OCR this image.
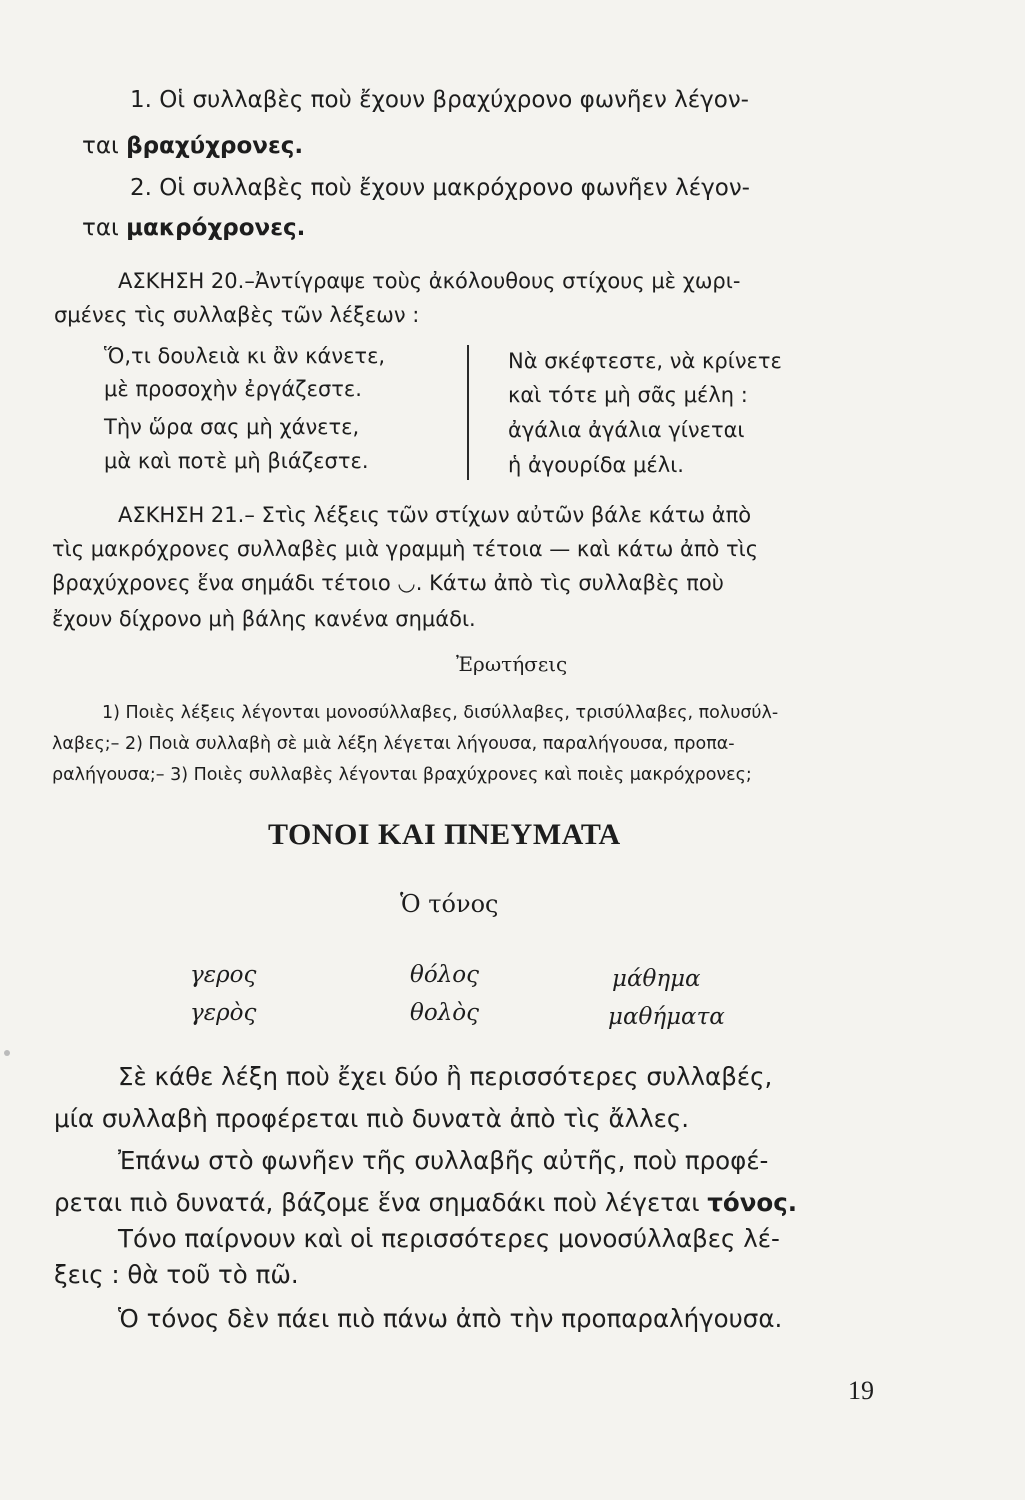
1. Οἱ συλλαβὲς ποὺ ἔχουν βραχύχρονο φωνῆεν λέγον-
ται βραχύχρονες.
2. Οἱ συλλαβὲς ποὺ ἔχουν μακρόχρονο φωνῆεν λέγον-
ται μακρόχρονες.
ΑΣΚΗΣΗ 20.–Ἀντίγραψε τοὺς ἀκόλουθους στίχους μὲ χωρι-
σμένες τὶς συλλαβὲς τῶν λέξεων :
Ὅ,τι δουλειὰ κι ἂν κάνετε,
μὲ προσοχὴν ἐργάζεστε.
Τὴν ὥρα σας μὴ χάνετε,
μὰ καὶ ποτὲ μὴ βιάζεστε.
Νὰ σκέφτεστε, νὰ κρίνετε
καὶ τότε μὴ σᾶς μέλη :
ἀγάλια ἀγάλια γίνεται
ἡ ἀγουρίδα μέλι.
ΑΣΚΗΣΗ 21.– Στὶς λέξεις τῶν στίχων αὐτῶν βάλε κάτω ἀπὸ
τὶς μακρόχρονες συλλαβὲς μιὰ γραμμὴ τέτοια — καὶ κάτω ἀπὸ τὶς
βραχύχρονες ἕνα σημάδι τέτοιο ◡. Κάτω ἀπὸ τὶς συλλαβὲς ποὺ
ἔχουν δίχρονο μὴ βάλης κανένα σημάδι.
Ἐρωτήσεις
1) Ποιὲς λέξεις λέγονται μονοσύλλαβες, δισύλλαβες, τρισύλλαβες, πολυσύλ-
λαβες;– 2) Ποιὰ συλλαβὴ σὲ μιὰ λέξη λέγεται λήγουσα, παραλήγουσα, προπα-
ραλήγουσα;– 3) Ποιὲς συλλαβὲς λέγονται βραχύχρονες καὶ ποιὲς μακρόχρονες;
ΤΟΝΟΙ ΚΑΙ ΠΝΕΥΜΑΤΑ
Ὁ τόνος
γερος
γερὸς
θόλος
θολὸς
μάθημα
μαθήματα
Σὲ κάθε λέξη ποὺ ἔχει δύο ἢ περισσότερες συλλαβές,
μία συλλαβὴ προφέρεται πιὸ δυνατὰ ἀπὸ τὶς ἄλλες.
Ἐπάνω στὸ φωνῆεν τῆς συλλαβῆς αὐτῆς, ποὺ προφέ-
ρεται πιὸ δυνατά, βάζομε ἕνα σημαδάκι ποὺ λέγεται τόνος.
Τόνο παίρνουν καὶ οἱ περισσότερες μονοσύλλαβες λέ-
ξεις : θὰ τοῦ τὸ πῶ.
Ὁ τόνος δὲν πάει πιὸ πάνω ἀπὸ τὴν προπαραλήγουσα.
19
